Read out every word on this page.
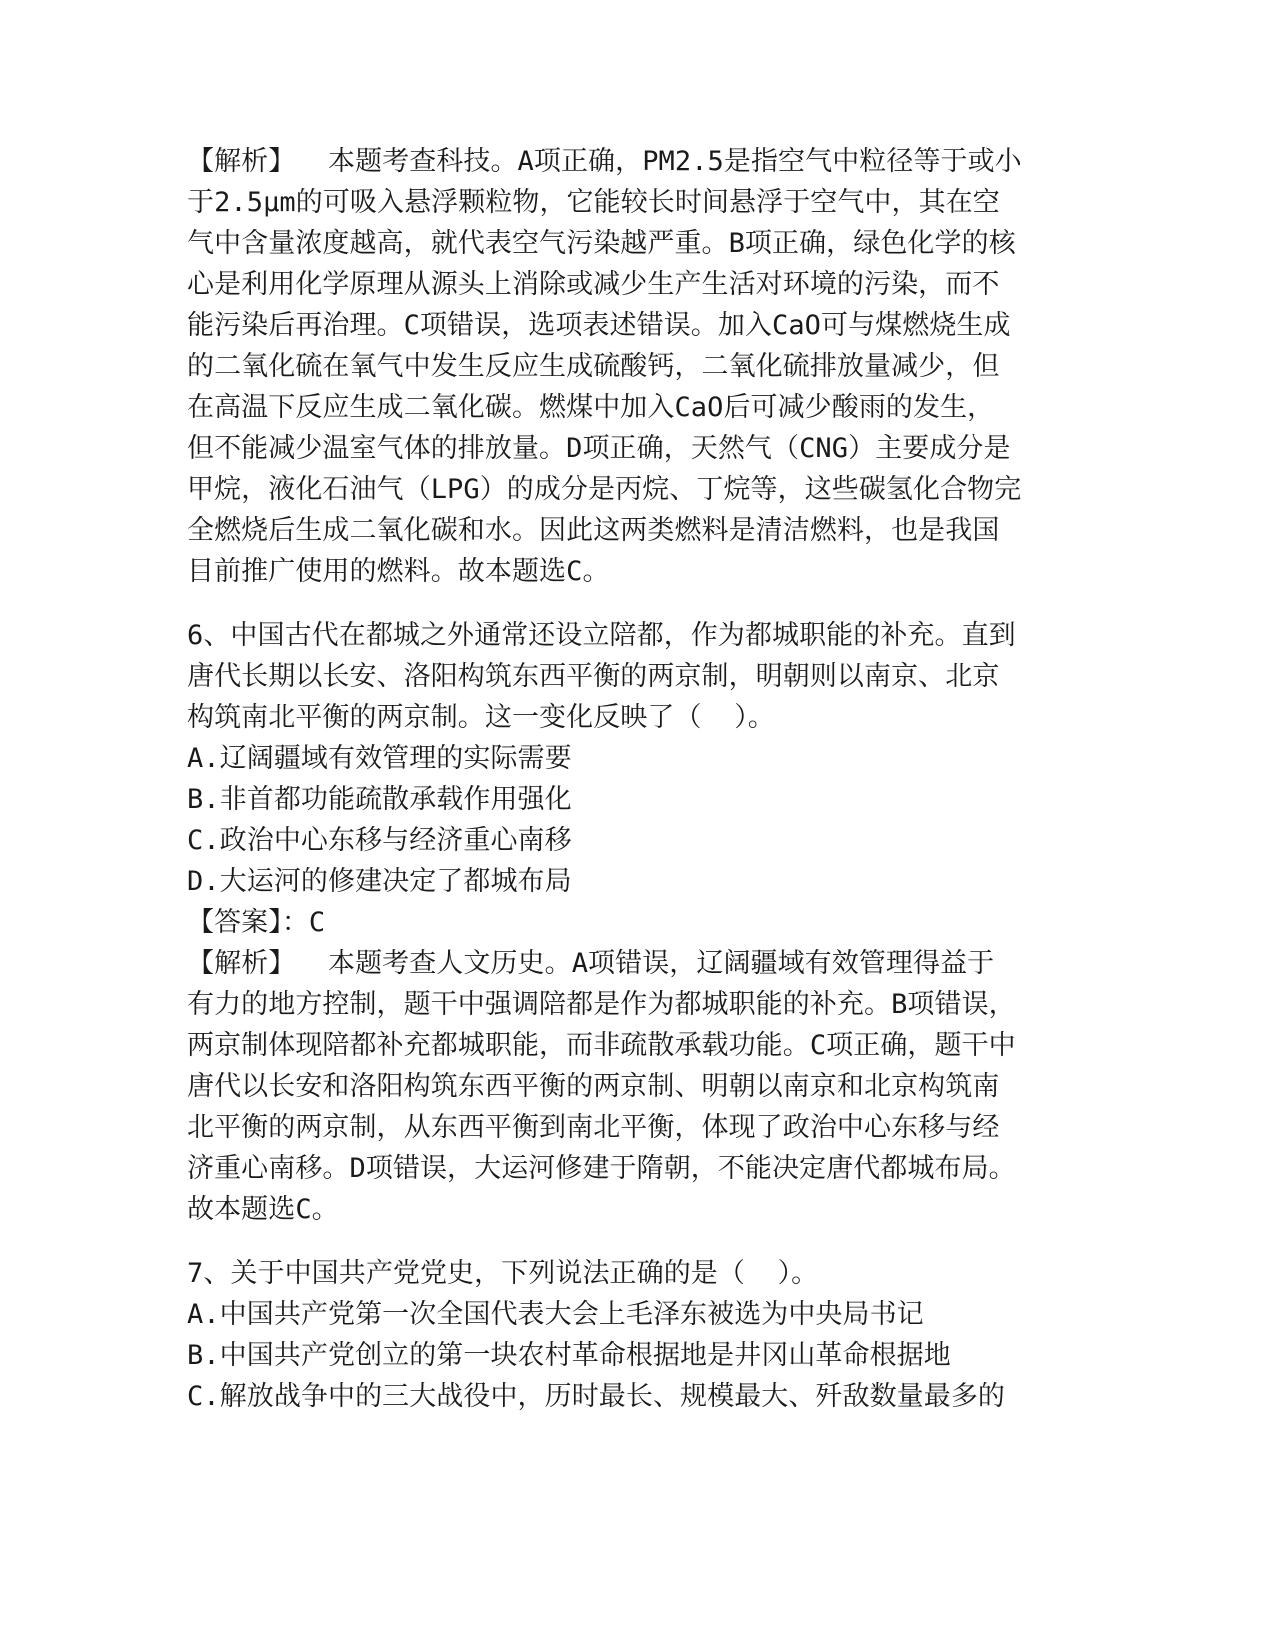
【解析】  本题考查科技。A项正确，PM2.5是指空气中粒径等于或小

于2.5μm的可吸入悬浮颗粒物，它能较长时间悬浮于空气中，其在空

气中含量浓度越高，就代表空气污染越严重。B项正确，绿色化学的核

心是利用化学原理从源头上消除或减少生产生活对环境的污染，而不

能污染后再治理。C项错误，选项表述错误。加入CaO可与煤燃烧生成

的二氧化硫在氧气中发生反应生成硫酸钙，二氧化硫排放量减少，但

在高温下反应生成二氧化碳。燃煤中加入CaO后可减少酸雨的发生，

但不能减少温室气体的排放量。D项正确，天然气（CNG）主要成分是

甲烷，液化石油气（LPG）的成分是丙烷、丁烷等，这些碳氢化合物完

全燃烧后生成二氧化碳和水。因此这两类燃料是清洁燃料，也是我国

目前推广使用的燃料。故本题选C。

6、中国古代在都城之外通常还设立陪都，作为都城职能的补充。直到

唐代长期以长安、洛阳构筑东西平衡的两京制，明朝则以南京、北京

构筑南北平衡的两京制。这一变化反映了（  ）。

A.辽阔疆域有效管理的实际需要

B.非首都功能疏散承载作用强化

C.政治中心东移与经济重心南移

D.大运河的修建决定了都城布局

【答案】：C

【解析】  本题考查人文历史。A项错误，辽阔疆域有效管理得益于

有力的地方控制，题干中强调陪都是作为都城职能的补充。B项错误，

两京制体现陪都补充都城职能，而非疏散承载功能。C项正确，题干中

唐代以长安和洛阳构筑东西平衡的两京制、明朝以南京和北京构筑南

北平衡的两京制，从东西平衡到南北平衡，体现了政治中心东移与经

济重心南移。D项错误，大运河修建于隋朝，不能决定唐代都城布局。

故本题选C。

7、关于中国共产党党史，下列说法正确的是（  ）。

A.中国共产党第一次全国代表大会上毛泽东被选为中央局书记

B.中国共产党创立的第一块农村革命根据地是井冈山革命根据地

C.解放战争中的三大战役中，历时最长、规模最大、歼敌数量最多的
